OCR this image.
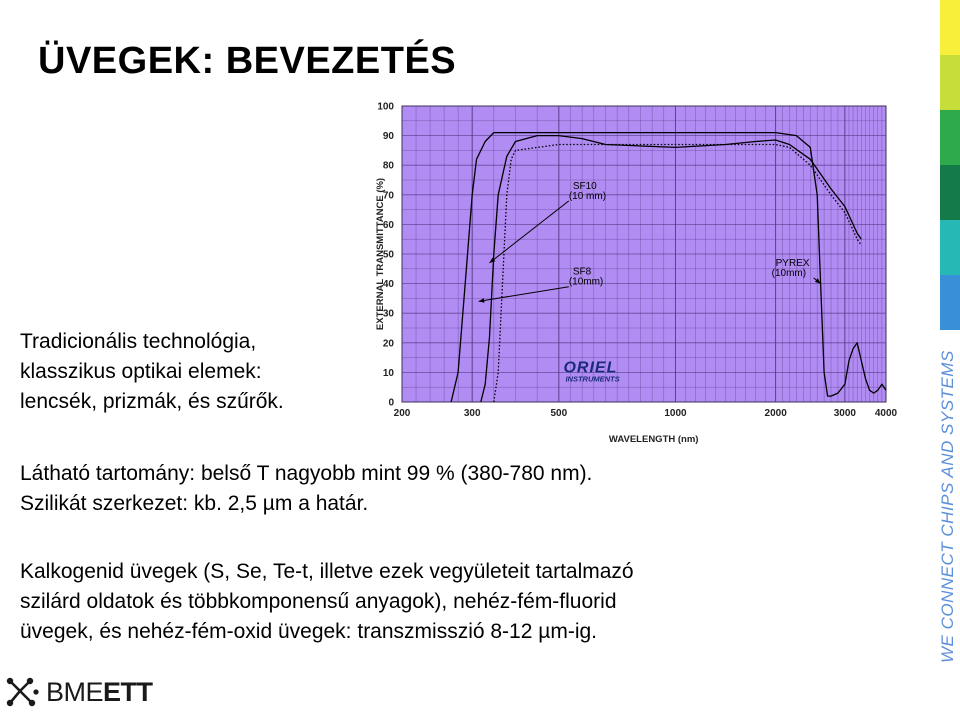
ÜVEGEK: BEVEZETÉS
Tradicionális technológia,
klasszikus optikai elemek:
lencsék, prizmák, és szűrők.
Látható tartomány: belső T nagyobb mint 99 % (380-780 nm).
Szilikát szerkezet: kb. 2,5 µm a határ.
Kalkogenid üvegek (S, Se, Te-t, illetve ezek vegyületeit tartalmazó
szilárd oldatok és többkomponensű anyagok), nehéz-fém-fluorid
üvegek, és nehéz-fém-oxid üvegek: transzmisszió 8-12 µm-ig.
0
10
20
30
40
50
60
70
80
90
100
200	300	500	1000	2000	3000 4000
SF10
(10 mm)
SF8
(10mm)
PYREX
(10mm)
ORIEL
INSTRUMENTS
WAVELENGTH (nm)
EXTERNAL TRANSMITTANCE (%)
WE CONNECT CHIPS AND SYSTEMS
BMEETT
